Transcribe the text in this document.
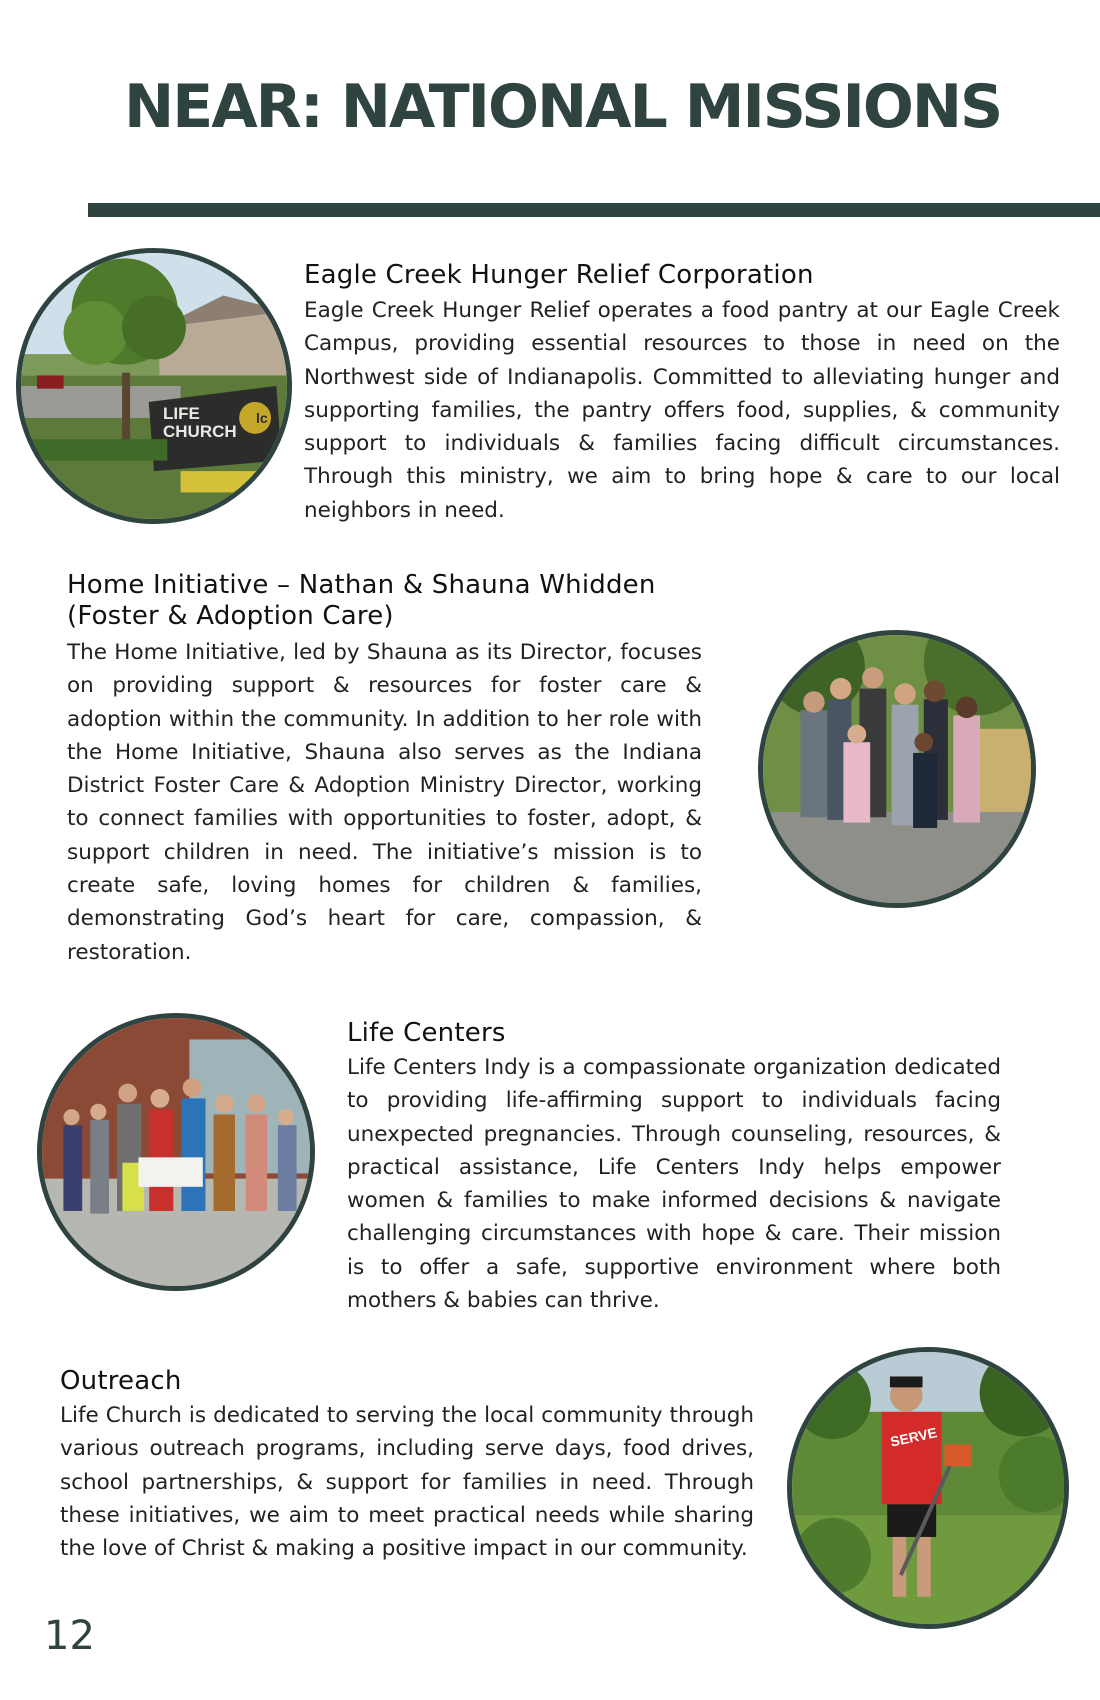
NEAR: NATIONAL MISSIONS
LIFE CHURCH
lc
Eagle Creek Hunger Relief Corporation

Eagle Creek Hunger Relief operates a food pantry at our Eagle Creek Campus, providing essential resources to those in need on the Northwest side of Indianapolis. Committed to alleviating hunger and supporting families, the pantry offers food, supplies, & community support to individuals & families facing difficult circumstances. Through this ministry, we aim to bring hope & care to our local neighbors in need.

Home Initiative – Nathan & Shauna Whidden (Foster & Adoption Care)

The Home Initiative, led by Shauna as its Director, focuses on providing support & resources for foster care & adoption within the community. In addition to her role with the Home Initiative, Shauna also serves as the Indiana District Foster Care & Adoption Ministry Director, working to connect families with opportunities to foster, adopt, & support children in need. The initiative’s mission is to create safe, loving homes for children & families, demonstrating God’s heart for care, compassion, & restoration.

Life Centers

Life Centers Indy is a compassionate organization dedicated to providing life-affirming support to individuals facing unexpected pregnancies. Through counseling, resources, & practical assistance, Life Centers Indy helps empower women & families to make informed decisions & navigate challenging circumstances with hope & care. Their mission is to offer a safe, supportive environment where both mothers & babies can thrive.

Outreach

Life Church is dedicated to serving the local community through various outreach programs, including serve days, food drives, school partnerships, & support for families in need. Through these initiatives, we aim to meet practical needs while sharing the love of Christ & making a positive impact in our community.

SERVE
12
